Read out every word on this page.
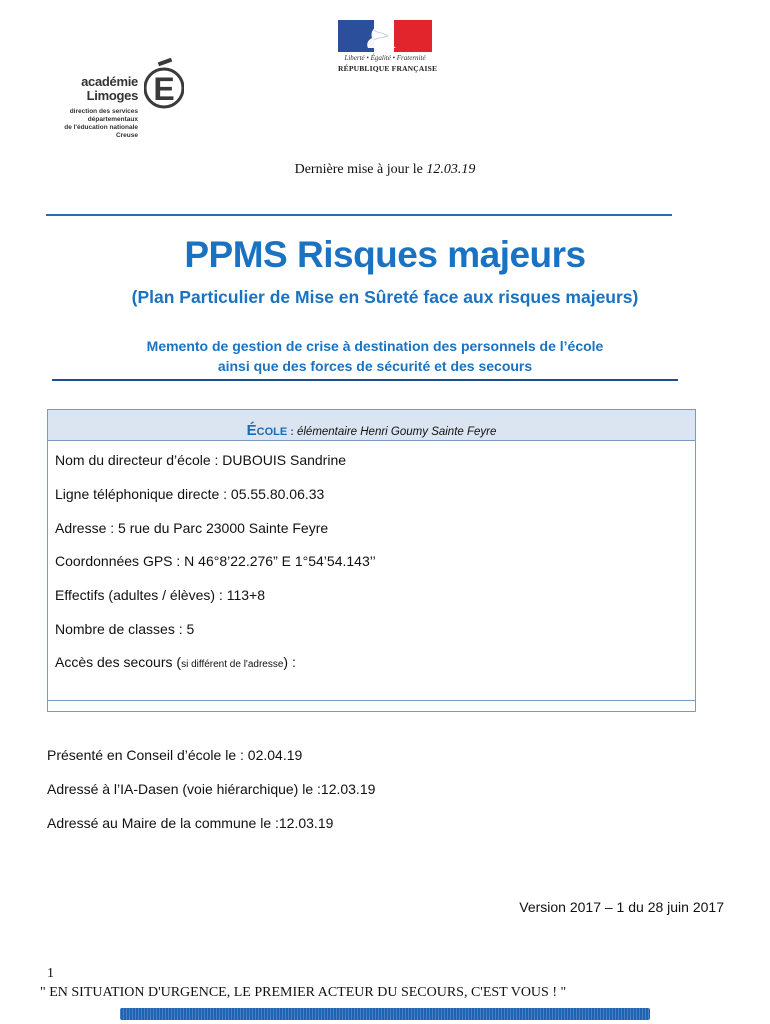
Liberté • Égalité • Fraternité
RÉPUBLIQUE FRANÇAISE
E
académie
Limoges
direction des services
départementaux
de l'éducation nationale
Creuse
Dernière mise à jour le 12.03.19
PPMS Risques majeurs
(Plan Particulier de Mise en Sûreté face aux risques majeurs)
Memento de gestion de crise à destination des personnels de l’école
ainsi que des forces de sécurité et des secours
ÉCOLE : élémentaire Henri Goumy Sainte Feyre
Nom du directeur d’école : DUBOUIS Sandrine
Ligne téléphonique directe : 05.55.80.06.33
Adresse : 5 rue du Parc 23000 Sainte Feyre
Coordonnées GPS : N 46°8’22.276” E 1°54’54.143’’
Effectifs (adultes / élèves) : 113+8
Nombre de classes : 5
Accès des secours (si différent de l'adresse) :
Présenté en Conseil d’école le : 02.04.19
Adressé à l’IA-Dasen (voie hiérarchique) le :12.03.19
Adressé au Maire de la commune le :12.03.19
Version 2017 – 1 du 28 juin 2017
1
" EN SITUATION D'URGENCE, LE PREMIER ACTEUR DU SECOURS, C'EST VOUS ! "
